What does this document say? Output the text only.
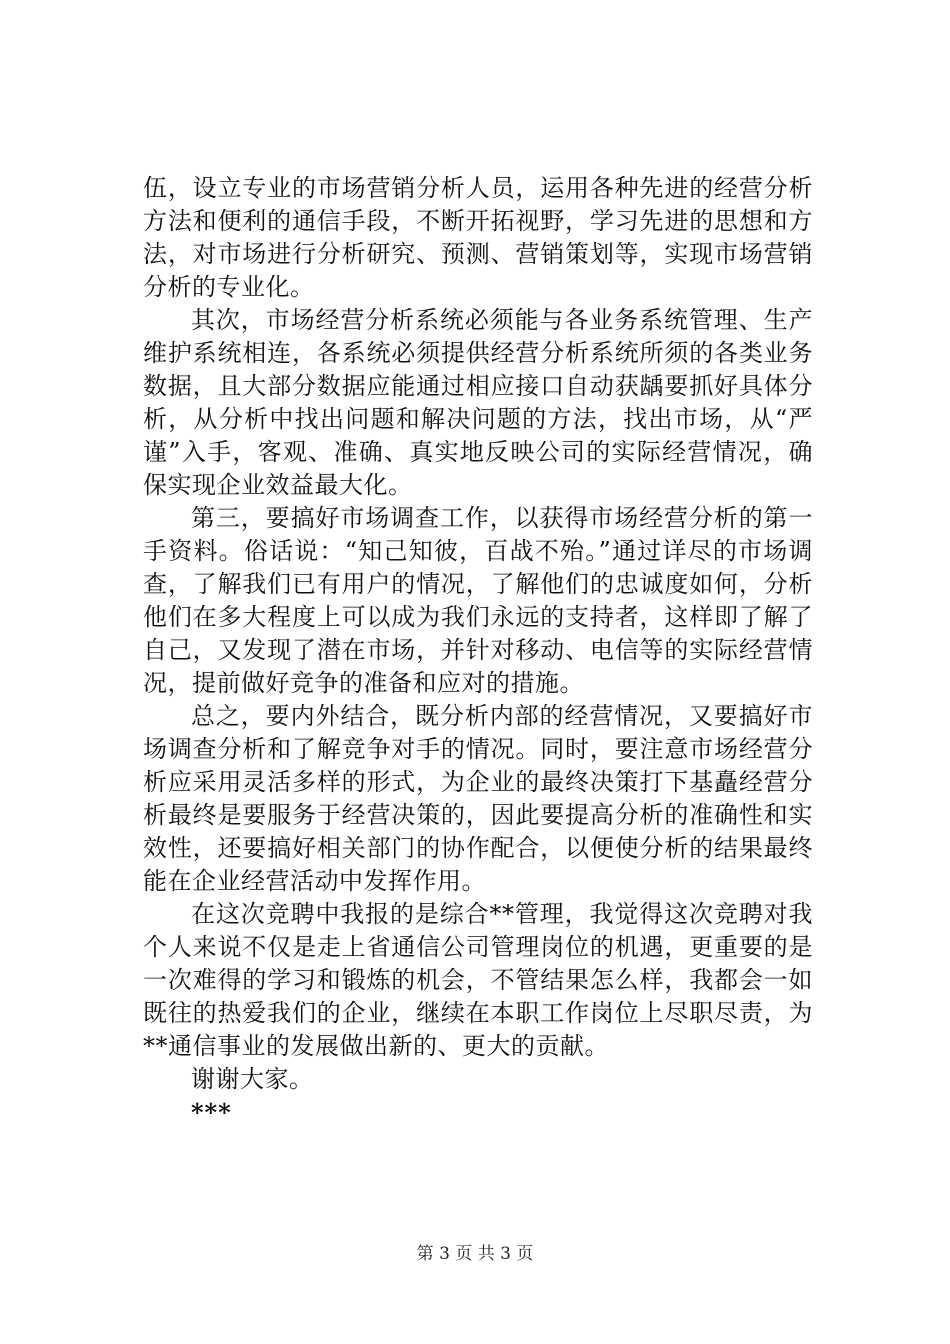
伍，设立专业的市场营销分析人员，运用各种先进的经营分析方法和便利的通信手段，不断开拓视野，学习先进的思想和方法，对市场进行分析研究、预测、营销策划等，实现市场营销分析的专业化。

其次，市场经营分析系统必须能与各业务系统管理、生产维护系统相连，各系统必须提供经营分析系统所须的各类业务数据，且大部分数据应能通过相应接口自动获龋要抓好具体分析，从分析中找出问题和解决问题的方法，找出市场，从“严谨”入手，客观、准确、真实地反映公司的实际经营情况，确保实现企业效益最大化。

第三，要搞好市场调查工作，以获得市场经营分析的第一手资料。俗话说：“知己知彼，百战不殆。”通过详尽的市场调查，了解我们已有用户的情况，了解他们的忠诚度如何，分析他们在多大程度上可以成为我们永远的支持者，这样即了解了自己，又发现了潜在市场，并针对移动、电信等的实际经营情况，提前做好竞争的准备和应对的措施。

总之，要内外结合，既分析内部的经营情况，又要搞好市场调查分析和了解竞争对手的情况。同时，要注意市场经营分析应采用灵活多样的形式，为企业的最终决策打下基矗经营分析最终是要服务于经营决策的，因此要提高分析的准确性和实效性，还要搞好相关部门的协作配合，以便使分析的结果最终能在企业经营活动中发挥作用。

在这次竞聘中我报的是综合**管理，我觉得这次竞聘对我个人来说不仅是走上省通信公司管理岗位的机遇，更重要的是一次难得的学习和锻炼的机会，不管结果怎么样，我都会一如既往的热爱我们的企业，继续在本职工作岗位上尽职尽责，为**通信事业的发展做出新的、更大的贡献。

谢谢大家。

***

第 3 页 共 3 页
